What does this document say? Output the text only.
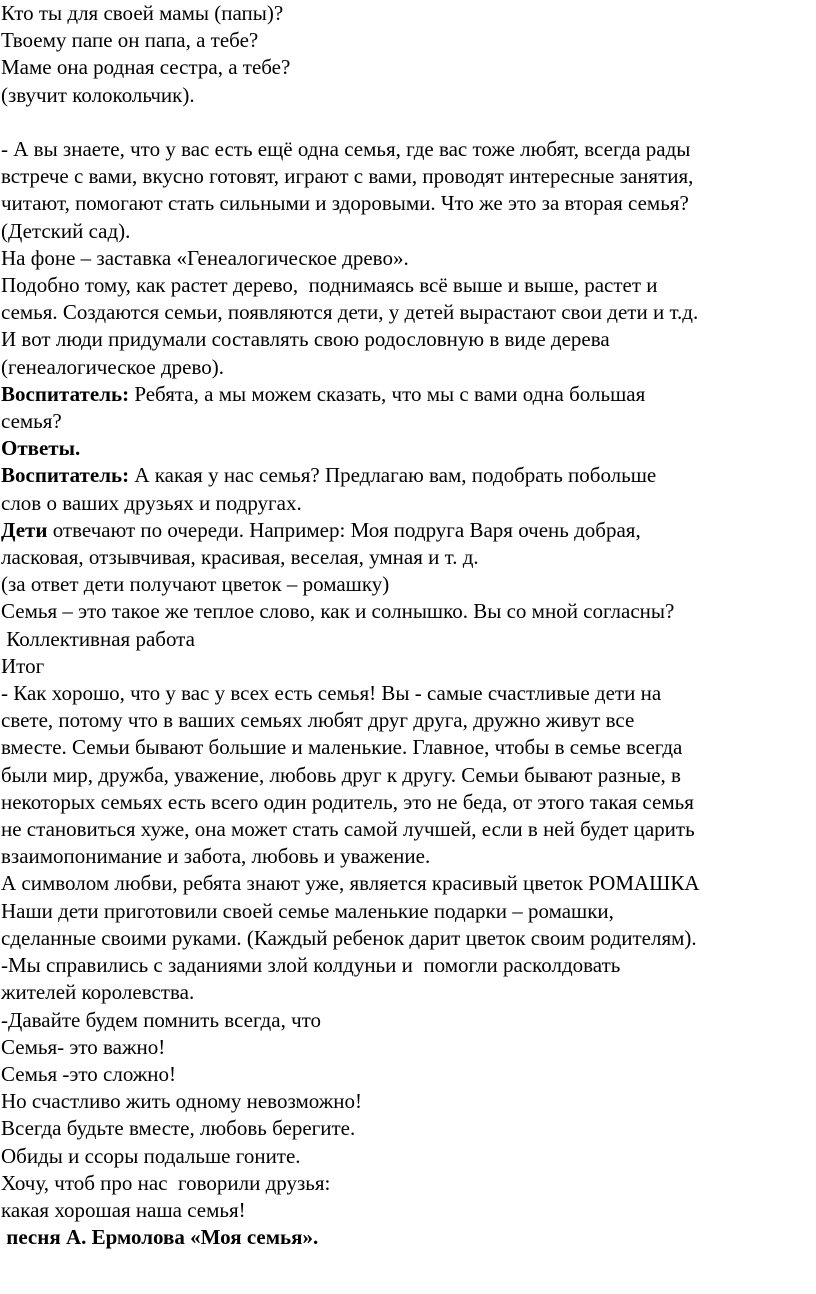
Кто ты для своей мамы (папы)?
Твоему папе он папа, а тебе?
Маме она родная сестра, а тебе?
(звучит колокольчик).
- А вы знаете, что у вас есть ещё одна семья, где вас тоже любят, всегда рады
встрече с вами, вкусно готовят, играют с вами, проводят интересные занятия,
читают, помогают стать сильными и здоровыми. Что же это за вторая семья?
(Детский сад).
На фоне – заставка «Генеалогическое древо».
Подобно тому, как растет дерево,  поднимаясь всё выше и выше, растет и
семья. Создаются семьи, появляются дети, у детей вырастают свои дети и т.д.
И вот люди придумали составлять свою родословную в виде дерева
(генеалогическое древо).
Воспитатель: Ребята, а мы можем сказать, что мы с вами одна большая
семья?
Ответы.
Воспитатель: А какая у нас семья? Предлагаю вам, подобрать побольше
слов о ваших друзьях и подругах.
Дети отвечают по очереди. Например: Моя подруга Варя очень добрая,
ласковая, отзывчивая, красивая, веселая, умная и т. д.
(за ответ дети получают цветок – ромашку)
Семья – это такое же теплое слово, как и солнышко. Вы со мной согласны?
Коллективная работа
Итог
- Как хорошо, что у вас у всех есть семья! Вы - самые счастливые дети на
свете, потому что в ваших семьях любят друг друга, дружно живут все
вместе. Семьи бывают большие и маленькие. Главное, чтобы в семье всегда
были мир, дружба, уважение, любовь друг к другу. Семьи бывают разные, в
некоторых семьях есть всего один родитель, это не беда, от этого такая семья
не становиться хуже, она может стать самой лучшей, если в ней будет царить
взаимопонимание и забота, любовь и уважение.
А символом любви, ребята знают уже, является красивый цветок РОМАШКА
Наши дети приготовили своей семье маленькие подарки – ромашки,
сделанные своими руками. (Каждый ребенок дарит цветок своим родителям).
-Мы справились с заданиями злой колдуньи и  помогли расколдовать
жителей королевства.
-Давайте будем помнить всегда, что
Семья- это важно!
Семья -это сложно!
Но счастливо жить одному невозможно!
Всегда будьте вместе, любовь берегите.
Обиды и ссоры подальше гоните.
Хочу, чтоб про нас  говорили друзья:
какая хорошая наша семья!
песня А. Ермолова «Моя семья».
